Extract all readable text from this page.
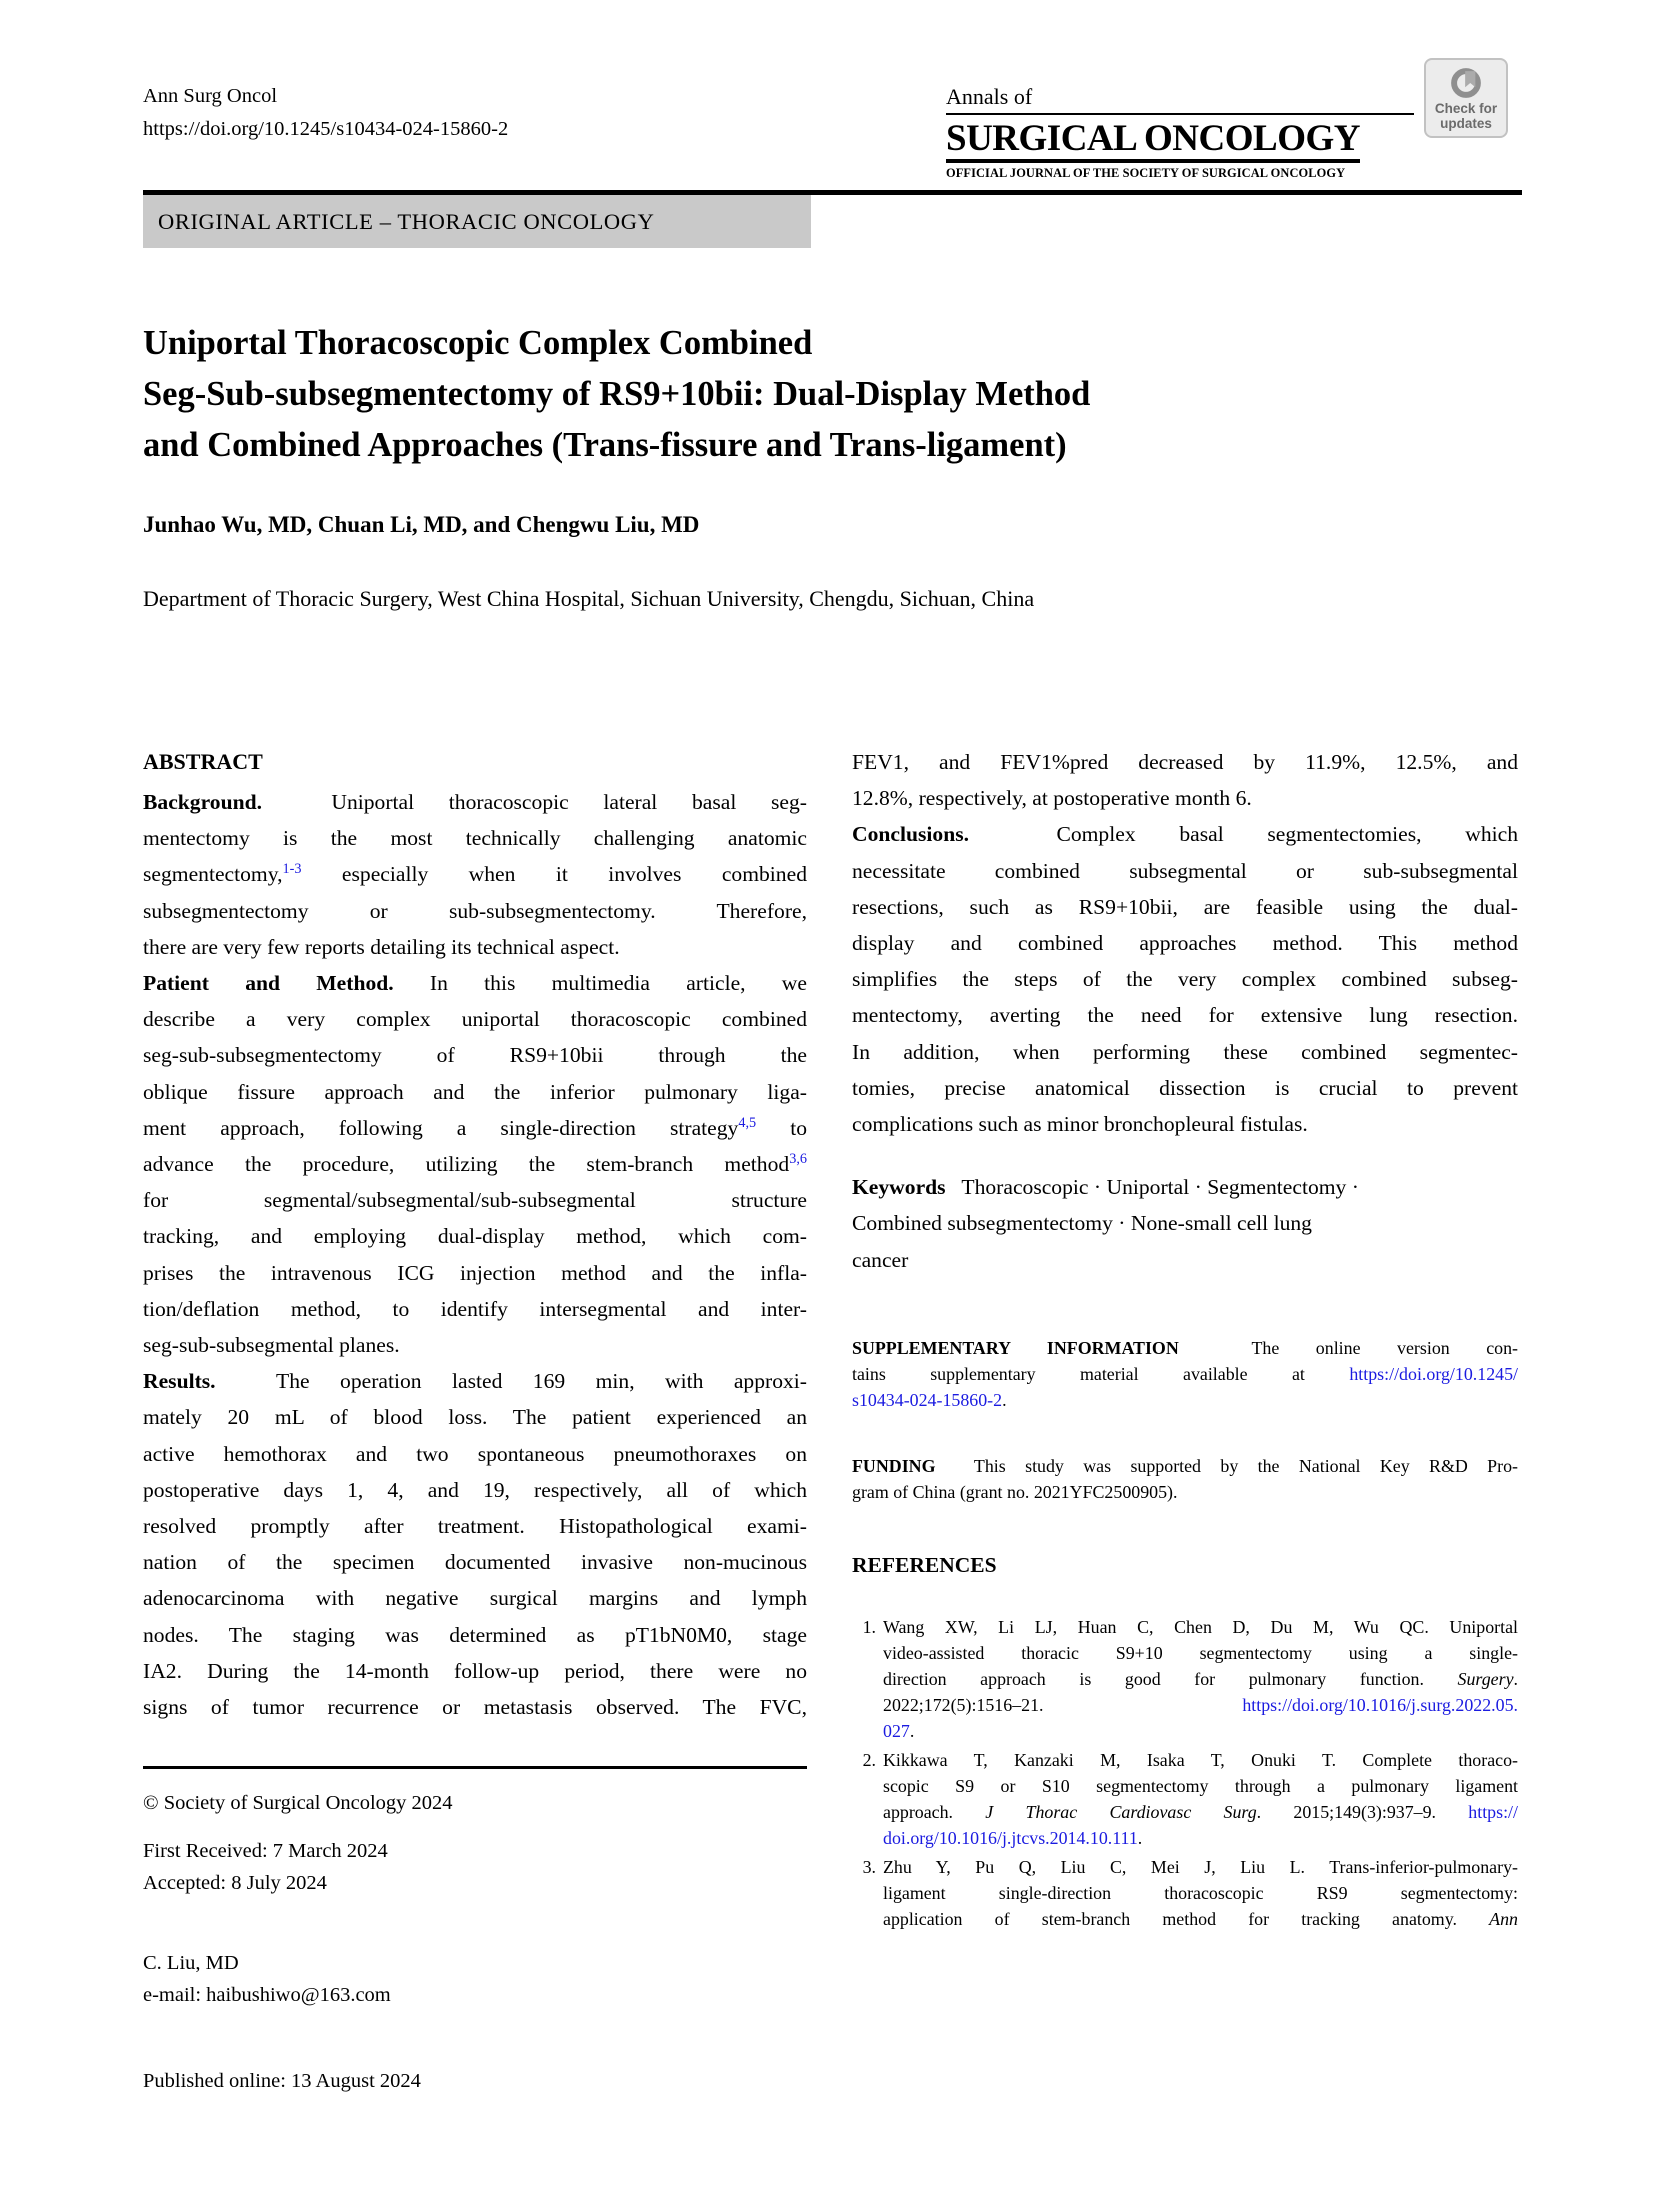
Ann Surg Oncol
https://doi.org/10.1245/s10434-024-15860-2
Annals of
SURGICAL ONCOLOGY
OFFICIAL JOURNAL OF THE SOCIETY OF SURGICAL ONCOLOGY
Check for updates
ORIGINAL ARTICLE – THORACIC ONCOLOGY
Uniportal Thoracoscopic Complex Combined
Seg-Sub-subsegmentectomy of RS9+10bii: Dual-Display Method
and Combined Approaches (Trans-fissure and Trans-ligament)
Junhao Wu, MD, Chuan Li, MD, and Chengwu Liu, MD
Department of Thoracic Surgery, West China Hospital, Sichuan University, Chengdu, Sichuan, China
ABSTRACT
Background.  Uniportal thoracoscopic lateral basal seg-
mentectomy is the most technically challenging anatomic
segmentectomy,$^{1-3}$ especially when it involves combined
subsegmentectomy or sub-subsegmentectomy. Therefore,
there are very few reports detailing its technical aspect.
Patient and Method. In this multimedia article, we
describe a very complex uniportal thoracoscopic combined
seg-sub-subsegmentectomy of RS9+10bii through the
oblique fissure approach and the inferior pulmonary liga-
ment approach, following a single-direction strategy$^{4,5}$ to
advance the procedure, utilizing the stem-branch method$^{3,6}$
for segmental/subsegmental/sub-subsegmental structure
tracking, and employing dual-display method, which com-
prises the intravenous ICG injection method and the infla-
tion/deflation method, to identify intersegmental and inter-
seg-sub-subsegmental planes.
Results.  The operation lasted 169 min, with approxi-
mately 20 mL of blood loss. The patient experienced an
active hemothorax and two spontaneous pneumothoraxes on
postoperative days 1, 4, and 19, respectively, all of which
resolved promptly after treatment. Histopathological exami-
nation of the specimen documented invasive non-mucinous
adenocarcinoma with negative surgical margins and lymph
nodes. The staging was determined as pT1bN0M0, stage
IA2. During the 14-month follow-up period, there were no
signs of tumor recurrence or metastasis observed. The FVC,
FEV1, and FEV1%pred decreased by 11.9%, 12.5%, and
12.8%, respectively, at postoperative month 6.
Conclusions.  Complex basal segmentectomies, which
necessitate combined subsegmental or sub-subsegmental
resections, such as RS9+10bii, are feasible using the dual-
display and combined approaches method. This method
simplifies the steps of the very complex combined subseg-
mentectomy, averting the need for extensive lung resection.
In addition, when performing these combined segmentec-
tomies, precise anatomical dissection is crucial to prevent
complications such as minor bronchopleural fistulas.
Keywords   Thoracoscopic · Uniportal · Segmentectomy ·
Combined subsegmentectomy · None-small cell lung
cancer
SUPPLEMENTARY INFORMATION  The online version con-
tains supplementary material available at https://doi.org/10.1245/
s10434-024-15860-2.
FUNDING  This study was supported by the National Key R&D Pro-
gram of China (grant no. 2021YFC2500905).
REFERENCES
1. Wang XW, Li LJ, Huan C, Chen D, Du M, Wu QC. Uniportal
video-assisted thoracic S9+10 segmentectomy using a single-
direction approach is good for pulmonary function. Surgery.
2022;172(5):1516–21. https://doi.org/10.1016/j.surg.2022.05.
027.
2. Kikkawa T, Kanzaki M, Isaka T, Onuki T. Complete thoraco-
scopic S9 or S10 segmentectomy through a pulmonary ligament
approach. J Thorac Cardiovasc Surg. 2015;149(3):937–9. https://
doi.org/10.1016/j.jtcvs.2014.10.111.
3. Zhu Y, Pu Q, Liu C, Mei J, Liu L. Trans-inferior-pulmonary-
ligament single-direction thoracoscopic RS9 segmentectomy:
application of stem-branch method for tracking anatomy. Ann
© Society of Surgical Oncology 2024
First Received: 7 March 2024
Accepted: 8 July 2024
C. Liu, MD
e-mail: haibushiwo@163.com
Published online: 13 August 2024
